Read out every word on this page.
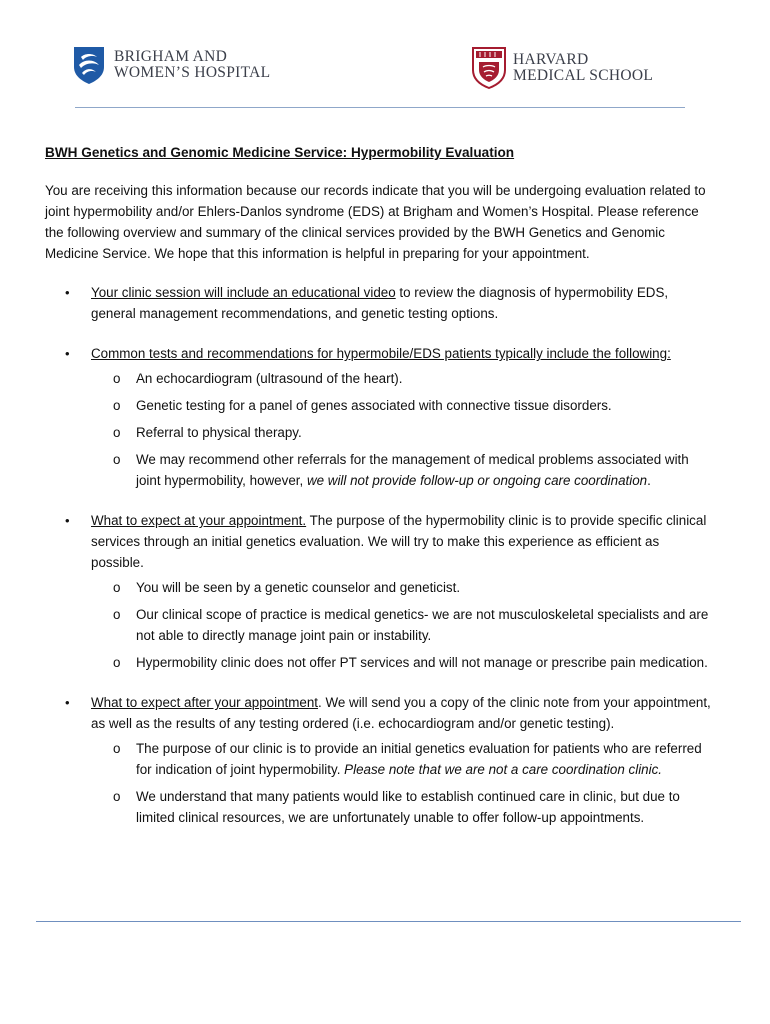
BRIGHAM AND
WOMEN’S HOSPITAL
HARVARD
MEDICAL SCHOOL
BWH Genetics and Genomic Medicine Service: Hypermobility Evaluation

You are receiving this information because our records indicate that you will be undergoing evaluation related to joint hypermobility and/or Ehlers-Danlos syndrome (EDS) at Brigham and Women’s Hospital. Please reference the following overview and summary of the clinical services provided by the BWH Genetics and Genomic Medicine Service. We hope that this information is helpful in preparing for your appointment.

• Your clinic session will include an educational video to review the diagnosis of hypermobility EDS, general management recommendations, and genetic testing options.
• Common tests and recommendations for hypermobile/EDS patients typically include the following:
o An echocardiogram (ultrasound of the heart).
o Genetic testing for a panel of genes associated with connective tissue disorders.
o Referral to physical therapy.
o We may recommend other referrals for the management of medical problems associated with joint hypermobility, however, we will not provide follow-up or ongoing care coordination.
• What to expect at your appointment. The purpose of the hypermobility clinic is to provide specific clinical services through an initial genetics evaluation. We will try to make this experience as efficient as possible.
o You will be seen by a genetic counselor and geneticist.
o Our clinical scope of practice is medical genetics- we are not musculoskeletal specialists and are not able to directly manage joint pain or instability.
o Hypermobility clinic does not offer PT services and will not manage or prescribe pain medication.
• What to expect after your appointment. We will send you a copy of the clinic note from your appointment, as well as the results of any testing ordered (i.e. echocardiogram and/or genetic testing).
o The purpose of our clinic is to provide an initial genetics evaluation for patients who are referred for indication of joint hypermobility. Please note that we are not a care coordination clinic.
o We understand that many patients would like to establish continued care in clinic, but due to limited clinical resources, we are unfortunately unable to offer follow-up appointments.
